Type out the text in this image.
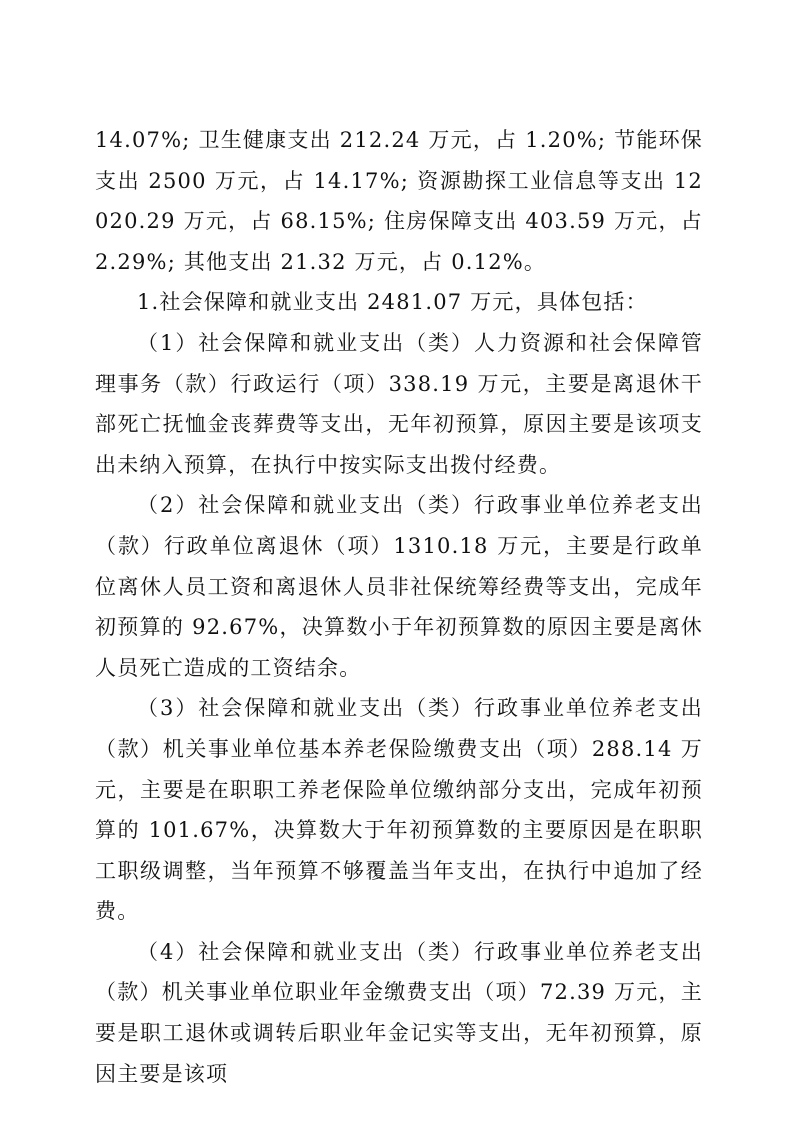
14.07%; 卫生健康支出 212.24 万元，占 1.20%; 节能环保支出 2500 万元，占 14.17%; 资源勘探工业信息等支出 12020.29 万元，占 68.15%; 住房保障支出 403.59 万元，占 2.29%; 其他支出 21.32 万元，占 0.12%。

1.社会保障和就业支出 2481.07 万元，具体包括：

（1）社会保障和就业支出（类）人力资源和社会保障管理事务（款）行政运行（项）338.19 万元，主要是离退休干部死亡抚恤金丧葬费等支出，无年初预算，原因主要是该项支出未纳入预算，在执行中按实际支出拨付经费。

（2）社会保障和就业支出（类）行政事业单位养老支出（款）行政单位离退休（项）1310.18 万元，主要是行政单位离休人员工资和离退休人员非社保统筹经费等支出，完成年初预算的 92.67%，决算数小于年初预算数的原因主要是离休人员死亡造成的工资结余。

（3）社会保障和就业支出（类）行政事业单位养老支出（款）机关事业单位基本养老保险缴费支出（项）288.14 万元，主要是在职职工养老保险单位缴纳部分支出，完成年初预算的 101.67%，决算数大于年初预算数的主要原因是在职职工职级调整，当年预算不够覆盖当年支出，在执行中追加了经费。

（4）社会保障和就业支出（类）行政事业单位养老支出（款）机关事业单位职业年金缴费支出（项）72.39 万元，主要是职工退休或调转后职业年金记实等支出，无年初预算，原因主要是该项
